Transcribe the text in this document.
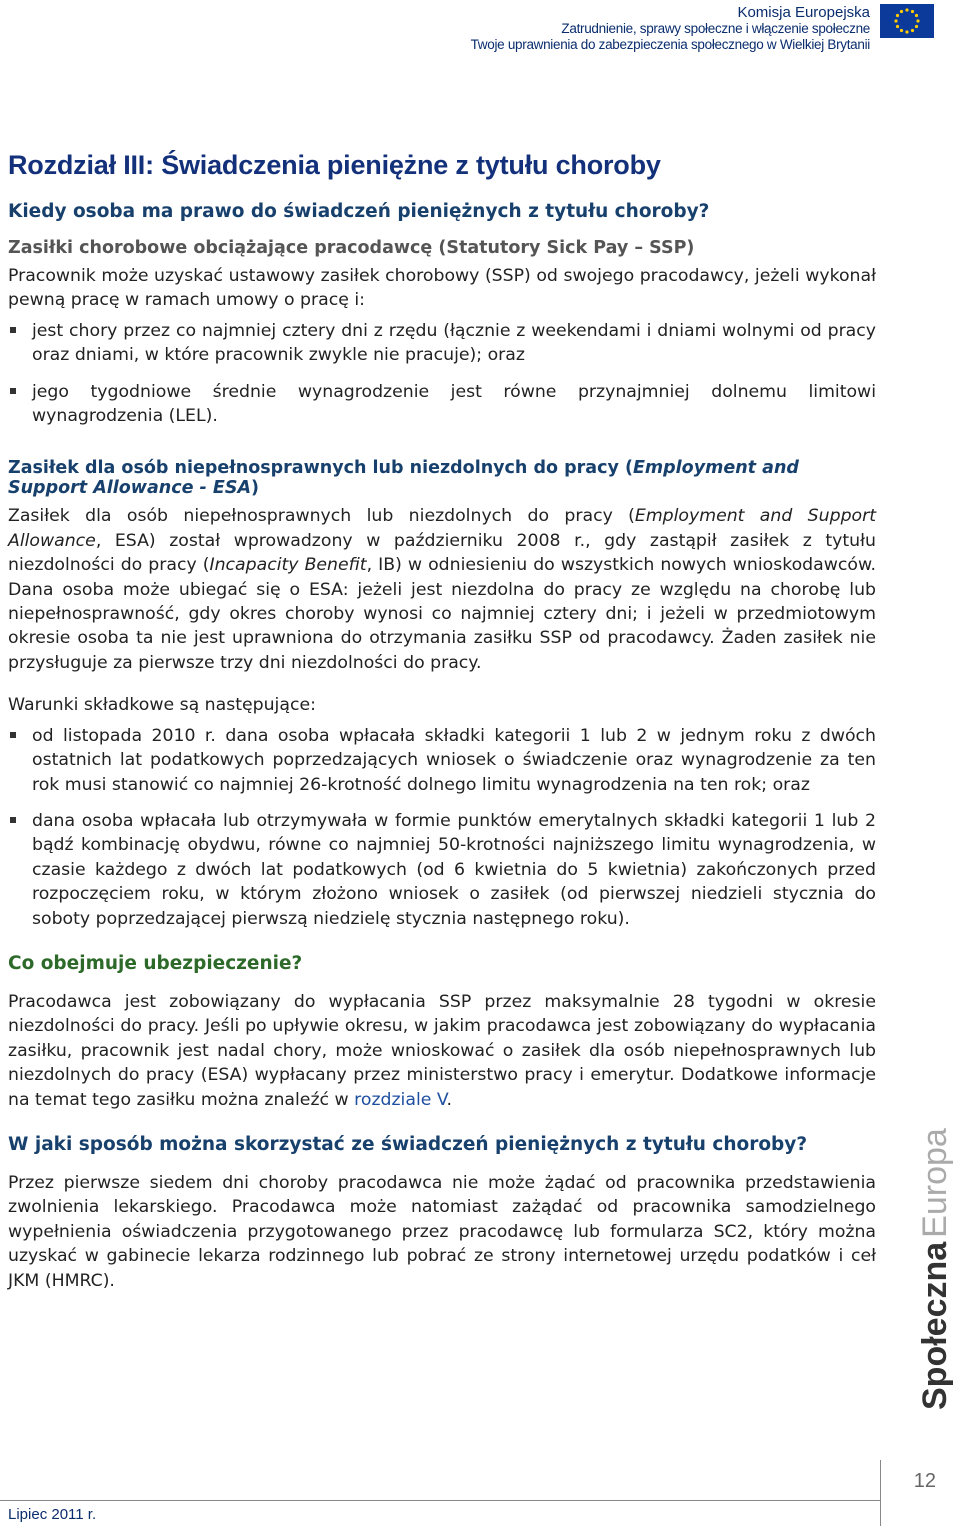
Komisja Europejska
Zatrudnienie, sprawy społeczne i włączenie społeczne
Twoje uprawnienia do zabezpieczenia społecznego w Wielkiej Brytanii
Rozdział III: Świadczenia pieniężne z tytułu choroby
Kiedy osoba ma prawo do świadczeń pieniężnych z tytułu choroby?
Zasiłki chorobowe obciążające pracodawcę (Statutory Sick Pay – SSP)

Pracownik może uzyskać ustawowy zasiłek chorobowy (SSP) od swojego pracodawcy, jeżeli wykonał pewną pracę w ramach umowy o pracę i:

jest chory przez co najmniej cztery dni z rzędu (łącznie z weekendami i dniami wolnymi od pracy oraz dniami, w które pracownik zwykle nie pracuje); oraz
jego tygodniowe średnie wynagrodzenie jest równe przynajmniej dolnemu limitowi wynagrodzenia (LEL).
Zasiłek dla osób niepełnosprawnych lub niezdolnych do pracy (Employment and Support Allowance - ESA)

Zasiłek dla osób niepełnosprawnych lub niezdolnych do pracy (Employment and Support Allowance, ESA) został wprowadzony w październiku 2008 r., gdy zastąpił zasiłek z tytułu niezdolności do pracy (Incapacity Benefit, IB) w odniesieniu do wszystkich nowych wnioskodawców. Dana osoba może ubiegać się o ESA: jeżeli jest niezdolna do pracy ze względu na chorobę lub niepełnosprawność, gdy okres choroby wynosi co najmniej cztery dni; i jeżeli w przedmiotowym okresie osoba ta nie jest uprawniona do otrzymania zasiłku SSP od pracodawcy. Żaden zasiłek nie przysługuje za pierwsze trzy dni niezdolności do pracy.

Warunki składkowe są następujące:

od listopada 2010 r. dana osoba wpłacała składki kategorii 1 lub 2 w jednym roku z dwóch ostatnich lat podatkowych poprzedzających wniosek o świadczenie oraz wynagrodzenie za ten rok musi stanowić co najmniej 26-krotność dolnego limitu wynagrodzenia na ten rok; oraz
dana osoba wpłacała lub otrzymywała w formie punktów emerytalnych składki kategorii 1 lub 2 bądź kombinację obydwu, równe co najmniej 50-krotności najniższego limitu wynagrodzenia, w czasie każdego z dwóch lat podatkowych (od 6 kwietnia do 5 kwietnia) zakończonych przed rozpoczęciem roku, w którym złożono wniosek o zasiłek (od pierwszej niedzieli stycznia do soboty poprzedzającej pierwszą niedzielę stycznia następnego roku).
Co obejmuje ubezpieczenie?

Pracodawca jest zobowiązany do wypłacania SSP przez maksymalnie 28 tygodni w okresie niezdolności do pracy. Jeśli po upływie okresu, w jakim pracodawca jest zobowiązany do wypłacania zasiłku, pracownik jest nadal chory, może wnioskować o zasiłek dla osób niepełnosprawnych lub niezdolnych do pracy (ESA) wypłacany przez ministerstwo pracy i emerytur. Dodatkowe informacje na temat tego zasiłku można znaleźć w rozdziale V.

W jaki sposób można skorzystać ze świadczeń pieniężnych z tytułu choroby?

Przez pierwsze siedem dni choroby pracodawca nie może żądać od pracownika przedstawienia zwolnienia lekarskiego. Pracodawca może natomiast zażądać od pracownika samodzielnego wypełnienia oświadczenia przygotowanego przez pracodawcę lub formularza SC2, który można uzyskać w gabinecie lekarza rodzinnego lub pobrać ze strony internetowej urzędu podatków i ceł JKM (HMRC).	SpołecznaEuropa
12
Lipiec 2011 r.
